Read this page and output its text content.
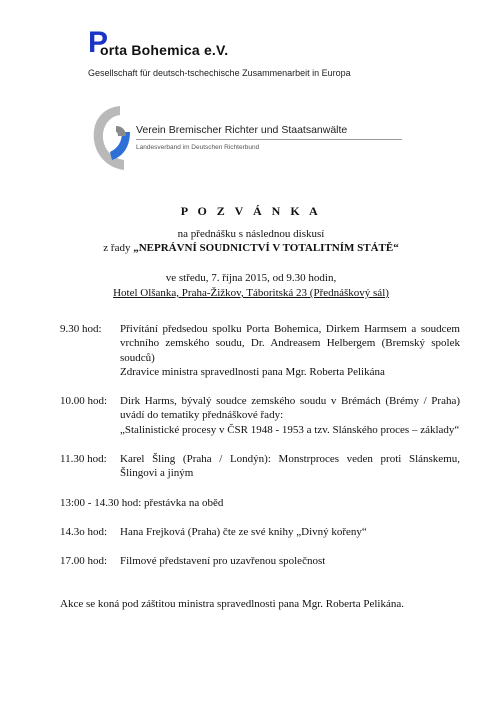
P
orta Bohemica e.V.
Gesellschaft für deutsch-tschechische Zusammenarbeit in Europa
Verein Bremischer Richter und Staatsanwälte
Landesverband im Deutschen Richterbund
P O Z V Á N K A
na přednášku s následnou diskusí
z řady „NEPRÁVNÍ SOUDNICTVÍ V TOTALITNÍM STÁTĚ“
ve středu, 7. října 2015, od 9.30 hodin,
Hotel Olšanka, Praha-Žižkov, Táboritská 23 (Přednáškový sál)
9.30 hod:	Přivítání předsedou spolku Porta Bohemica, Dirkem Harmsem a soudcem vrchního zemského soudu, Dr. Andreasem Helbergem (Bremský spolek soudců)
Zdravice ministra spravedlnosti pana Mgr. Roberta Pelikána
10.00 hod:	Dirk Harms, bývalý soudce zemského soudu v Brémách (Brémy / Praha) uvádí do tematiky přednáškové řady:
„Stalinistické procesy v ČSR 1948 - 1953 a tzv. Slánského proces – základy“
11.30 hod:	Karel Šling (Praha / Londýn): Monstrproces veden proti Slánskemu, Šlingovi a jiným
13:00 - 14.30 hod: přestávka na oběd
14.3o hod:	Hana Frejková (Praha) čte ze své knihy „Divný kořeny“
17.00 hod:	Filmové představení pro uzavřenou společnost
Akce se koná pod záštitou ministra spravedlnosti pana Mgr. Roberta Pelikána.
